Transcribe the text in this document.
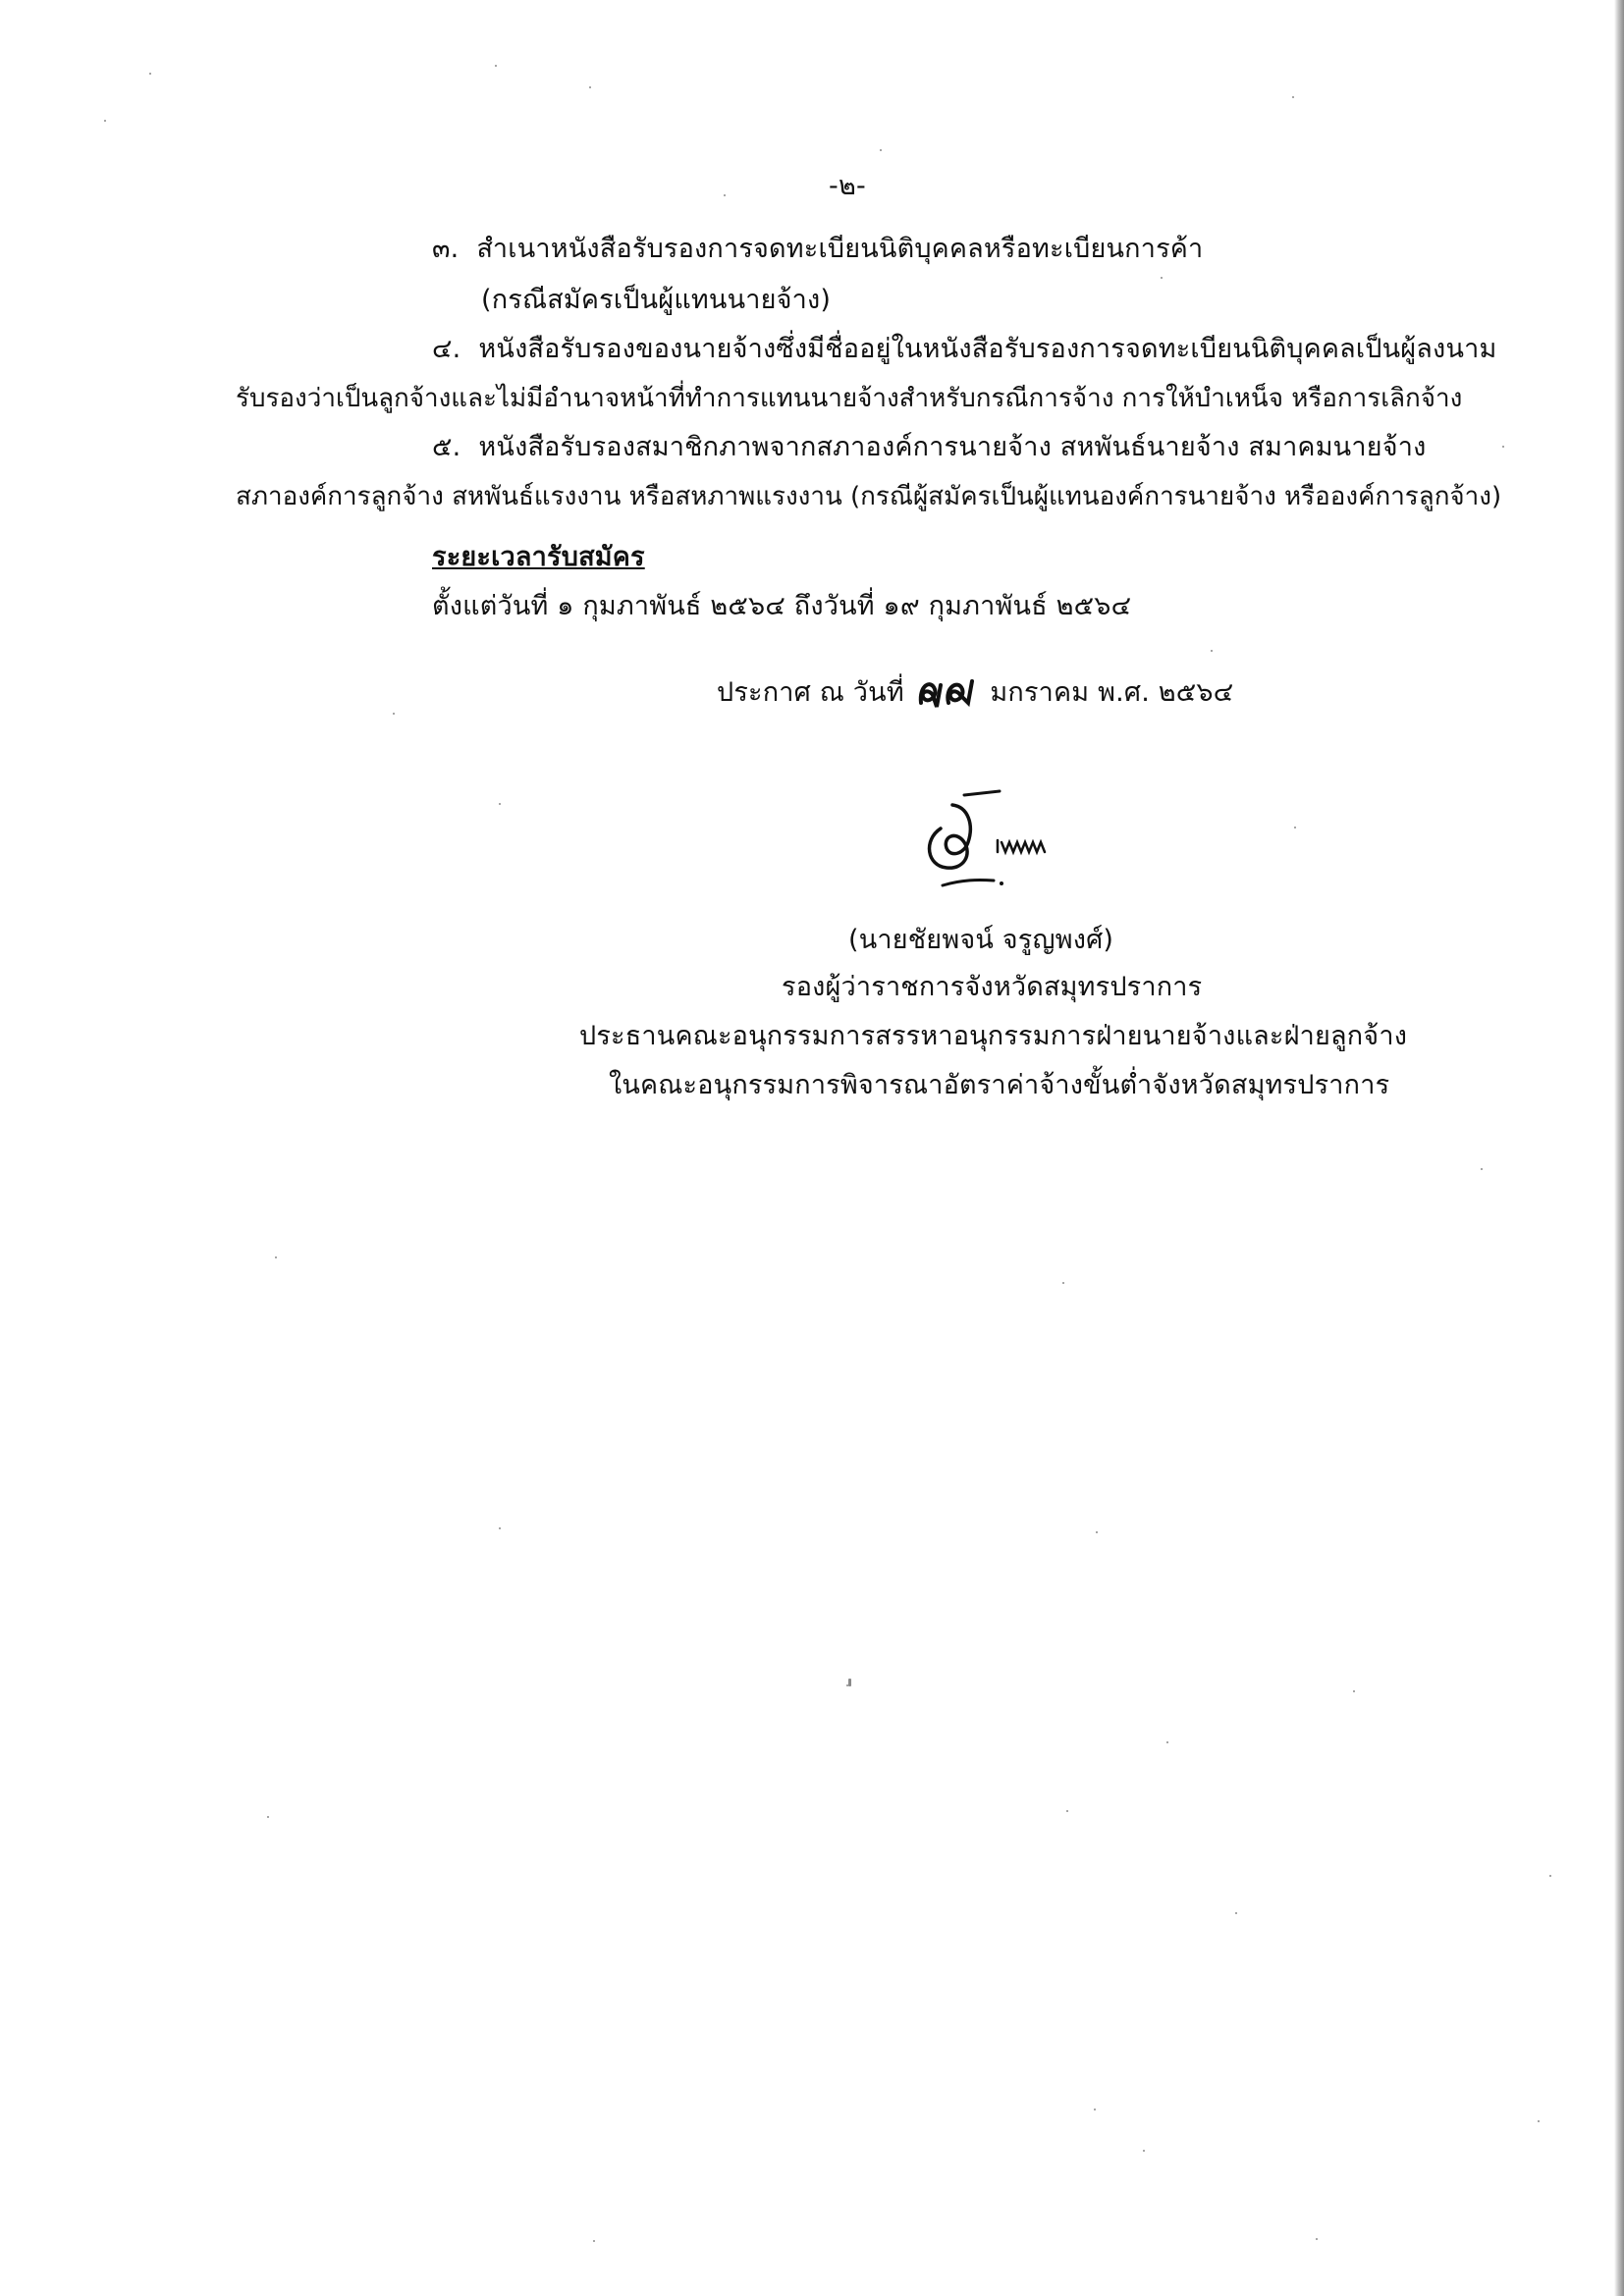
-๒-
๓. สำเนาหนังสือรับรองการจดทะเบียนนิติบุคคลหรือทะเบียนการค้า
(กรณีสมัครเป็นผู้แทนนายจ้าง)
๔. หนังสือรับรองของนายจ้างซึ่งมีชื่ออยู่ในหนังสือรับรองการจดทะเบียนนิติบุคคลเป็นผู้ลงนาม
รับรองว่าเป็นลูกจ้างและไม่มีอำนาจหน้าที่ทำการแทนนายจ้างสำหรับกรณีการจ้าง การให้บำเหน็จ หรือการเลิกจ้าง
๕. หนังสือรับรองสมาชิกภาพจากสภาองค์การนายจ้าง สหพันธ์นายจ้าง สมาคมนายจ้าง
สภาองค์การลูกจ้าง สหพันธ์แรงงาน หรือสหภาพแรงงาน (กรณีผู้สมัครเป็นผู้แทนองค์การนายจ้าง หรือองค์การลูกจ้าง)
ระยะเวลารับสมัคร
ตั้งแต่วันที่ ๑ กุมภาพันธ์ ๒๕๖๔ ถึงวันที่ ๑๙ กุมภาพันธ์ ๒๕๖๔
ประกาศ ณ วันที่	มกราคม พ.ศ. ๒๕๖๔
(นายชัยพจน์ จรูญพงศ์)
รองผู้ว่าราชการจังหวัดสมุทรปราการ
ประธานคณะอนุกรรมการสรรหาอนุกรรมการฝ่ายนายจ้างและฝ่ายลูกจ้าง
ในคณะอนุกรรมการพิจารณาอัตราค่าจ้างขั้นต่ำจังหวัดสมุทรปราการ
